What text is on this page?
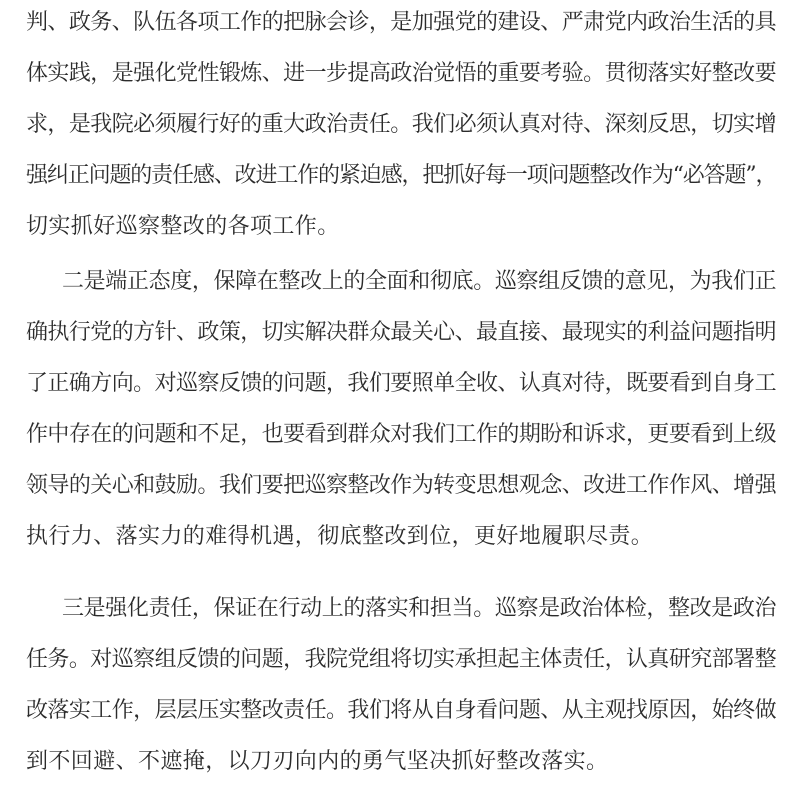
判、政务、队伍各项工作的把脉会诊，是加强党的建设、严肃党内政治生活的具
体实践，是强化党性锻炼、进一步提高政治觉悟的重要考验。贯彻落实好整改要
求，是我院必须履行好的重大政治责任。我们必须认真对待、深刻反思，切实增
强纠正问题的责任感、改进工作的紧迫感，把抓好每一项问题整改作为“必答题”，
切实抓好巡察整改的各项工作。
二是端正态度，保障在整改上的全面和彻底。巡察组反馈的意见，为我们正
确执行党的方针、政策，切实解决群众最关心、最直接、最现实的利益问题指明
了正确方向。对巡察反馈的问题，我们要照单全收、认真对待，既要看到自身工
作中存在的问题和不足，也要看到群众对我们工作的期盼和诉求，更要看到上级
领导的关心和鼓励。我们要把巡察整改作为转变思想观念、改进工作作风、增强
执行力、落实力的难得机遇，彻底整改到位，更好地履职尽责。
三是强化责任，保证在行动上的落实和担当。巡察是政治体检，整改是政治
任务。对巡察组反馈的问题，我院党组将切实承担起主体责任，认真研究部署整
改落实工作，层层压实整改责任。我们将从自身看问题、从主观找原因，始终做
到不回避、不遮掩，以刀刃向内的勇气坚决抓好整改落实。
